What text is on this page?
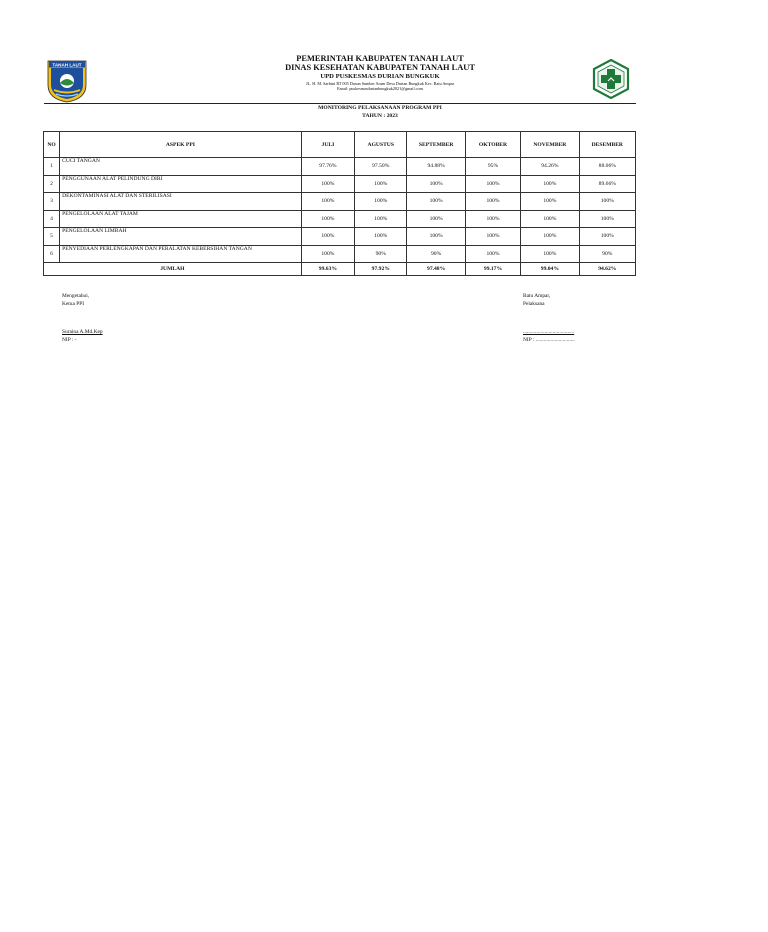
TANAH LAUT
PEMERINTAH KABUPATEN TANAH LAUT
DINAS KESEHATAN KABUPATEN TANAH LAUT
UPD PUSKESMAS DURIAN BUNGKUK
JL. H. M. Sarbini RT 005 Dusun Sumber Arum Desa Durian Bungkuk Kec. Batu Ampar
Email: puskesmasdurianbungkuk2021@gmail.com
MONITORING PELAKSANAAN PROGRAM PPI
TAHUN : 2023
NO	ASPEK PPI	JULI	AGUSTUS	SEPTEMBER	OKTOBER	NOVEMBER	DESEMBER
1	CUCI TANGAN	97.76%	97.50%	94.88%	95%	94.26%	88.06%
2	PENGGUNAAN ALAT PELINDUNG DIRI	100%	100%	100%	100%	100%	89.66%
3	DEKONTAMINASI ALAT DAN STERILISASI	100%	100%	100%	100%	100%	100%
4	PENGELOLAAN ALAT TAJAM	100%	100%	100%	100%	100%	100%
5	PENGELOLAAN LIMBAH	100%	100%	100%	100%	100%	100%
6	PENYEDIAAN PERLENGKAPAN DAN PERALATAN KEBERSIHAN TANGAN	100%	90%	90%	100%	100%	90%
JUMLAH		99.63%	97.92%	97.48%	99.17%	99.04%	94.62%
Mengetahui,
Ketua PPI
Batu Ampar,
Pelaksana
Suraina A.Md.Kep
NIP : -
......................................
NIP : .............................
